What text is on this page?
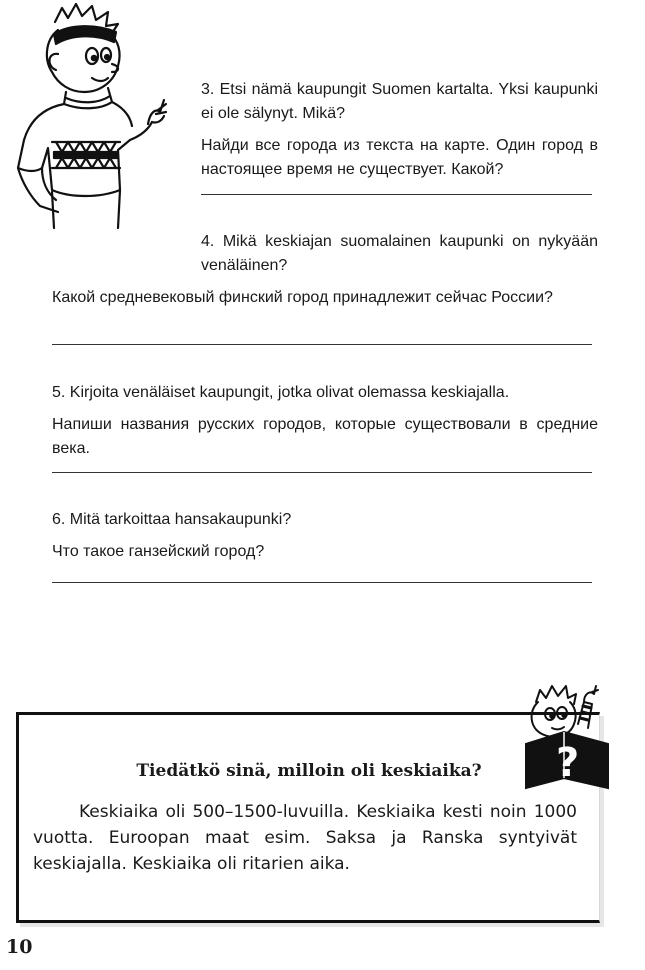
3. Etsi nämä kaupungit Suomen kartalta. Yksi kaupunki ei ole sälynyt. Mikä?

Найди все города из текста на карте. Один город в настоящее время не существует. Какой?

4. Mikä keskiajan suomalainen kaupunki on nykyään venäläinen?

Какой средневековый финский город принадлежит сейчас России?

5. Kirjoita venäläiset kaupungit, jotka olivat olemassa keskiajalla.

Напиши названия русских городов, которые существовали в средние века.

6. Mitä tarkoittaa hansakaupunki?

Что такое ганзейский город?

Tiedätkö sinä, milloin oli keskiaika?
Keskiaika oli 500–1500-luvuilla. Keskiaika kesti noin 1000 vuotta. Euroopan maat esim. Saksa ja Ranska syntyivät keskiajalla. Keskiaika oli ritarien aika.
?
10
